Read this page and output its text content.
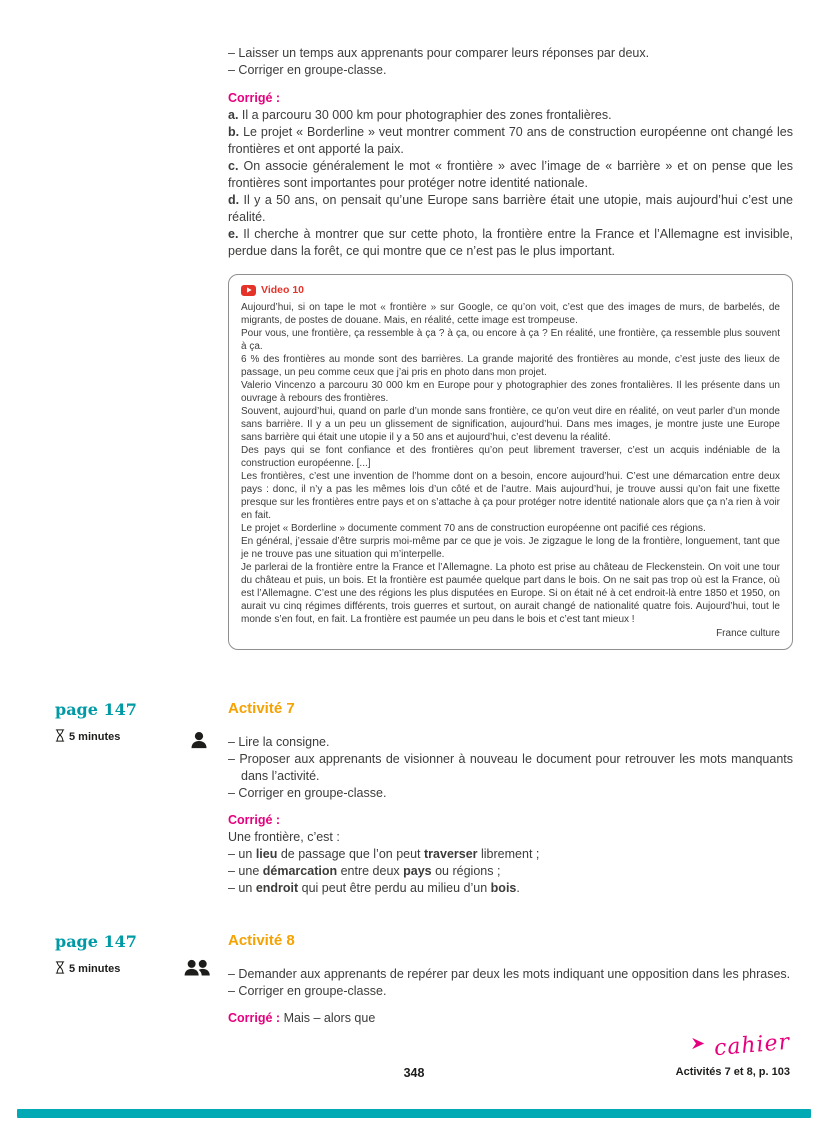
– Laisser un temps aux apprenants pour comparer leurs réponses par deux.

– Corriger en groupe-classe.

Corrigé :

a. Il a parcouru 30 000 km pour photographier des zones frontalières.

b. Le projet « Borderline » veut montrer comment 70 ans de construction européenne ont changé les frontières et ont apporté la paix.

c. On associe généralement le mot « frontière » avec l’image de « barrière » et on pense que les frontières sont importantes pour protéger notre identité nationale.

d. Il y a 50 ans, on pensait qu’une Europe sans barrière était une utopie, mais aujourd’hui c’est une réalité.

e. Il cherche à montrer que sur cette photo, la frontière entre la France et l’Allemagne est invisible, perdue dans la forêt, ce qui montre que ce n’est pas le plus important.

Video 10

Aujourd’hui, si on tape le mot « frontière » sur Google, ce qu’on voit, c’est que des images de murs, de barbelés, de migrants, de postes de douane. Mais, en réalité, cette image est trompeuse.

Pour vous, une frontière, ça ressemble à ça ? à ça, ou encore à ça ? En réalité, une frontière, ça ressemble plus souvent à ça.

6 % des frontières au monde sont des barrières. La grande majorité des frontières au monde, c’est juste des lieux de passage, un peu comme ceux que j’ai pris en photo dans mon projet.

Valerio Vincenzo a parcouru 30 000 km en Europe pour y photographier des zones frontalières. Il les présente dans un ouvrage à rebours des frontières.

Souvent, aujourd’hui, quand on parle d’un monde sans frontière, ce qu’on veut dire en réalité, on veut parler d’un monde sans barrière. Il y a un peu un glissement de signification, aujourd’hui. Dans mes images, je montre juste une Europe sans barrière qui était une utopie il y a 50 ans et aujourd’hui, c’est devenu la réalité.

Des pays qui se font confiance et des frontières qu’on peut librement traverser, c’est un acquis indéniable de la construction européenne. [...]

Les frontières, c’est une invention de l’homme dont on a besoin, encore aujourd’hui. C’est une démarcation entre deux pays : donc, il n’y a pas les mêmes lois d’un côté et de l’autre. Mais aujourd’hui, je trouve aussi qu’on fait une fixette presque sur les frontières entre pays et on s’attache à ça pour protéger notre identité nationale alors que ça n’a rien à voir en fait.

Le projet « Borderline » documente comment 70 ans de construction européenne ont pacifié ces régions.

En général, j’essaie d’être surpris moi-même par ce que je vois. Je zigzague le long de la frontière, longuement, tant que je ne trouve pas une situation qui m’interpelle.

Je parlerai de la frontière entre la France et l’Allemagne. La photo est prise au château de Fleckenstein. On voit une tour du château et puis, un bois. Et la frontière est paumée quelque part dans le bois. On ne sait pas trop où est la France, où est l’Allemagne. C’est une des régions les plus disputées en Europe. Si on était né à cet endroit-là entre 1850 et 1950, on aurait vu cinq régimes différents, trois guerres et surtout, on aurait changé de nationalité quatre fois. Aujourd’hui, tout le monde s’en fout, en fait. La frontière est paumée un peu dans le bois et c’est tant mieux !

France culture

page 147

5 minutes
Activité 7

– Lire la consigne.

– Proposer aux apprenants de visionner à nouveau le document pour retrouver les mots manquants dans l’activité.

– Corriger en groupe-classe.

Corrigé :

Une frontière, c’est :

– un lieu de passage que l’on peut traverser librement ;

– une démarcation entre deux pays ou régions ;

– un endroit qui peut être perdu au milieu d’un bois.

page 147

5 minutes
Activité 8

– Demander aux apprenants de repérer par deux les mots indiquant une opposition dans les phrases.

– Corriger en groupe-classe.

Corrigé : Mais – alors que

cahier

Activités 7 et 8, p. 103

348
